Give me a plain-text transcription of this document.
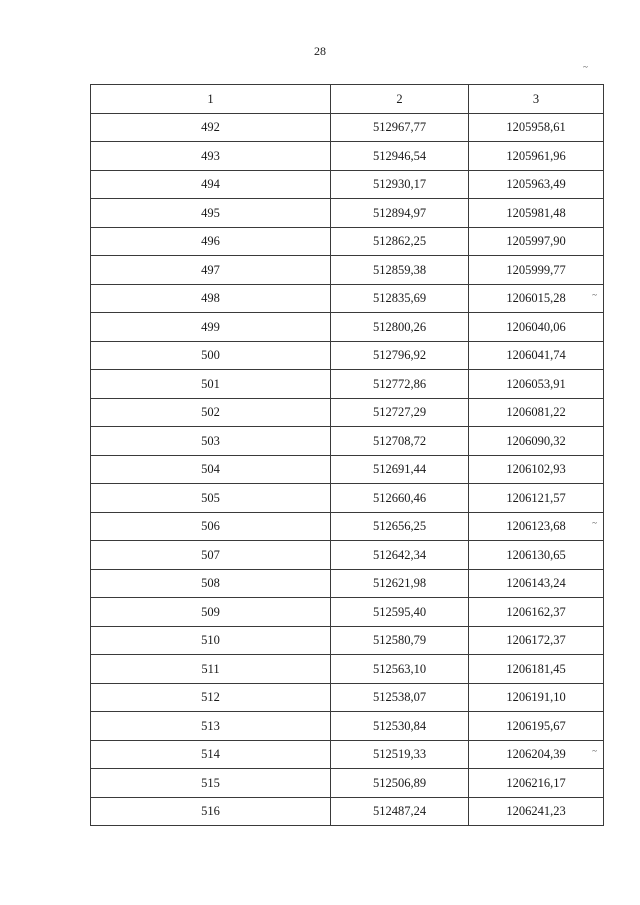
28
~
1	2	3
492	512967,77	1205958,61
493	512946,54	1205961,96
494	512930,17	1205963,49
495	512894,97	1205981,48
496	512862,25	1205997,90
497	512859,38	1205999,77
498	512835,69	1206015,28 ~

499	512800,26	1206040,06
500	512796,92	1206041,74
501	512772,86	1206053,91
502	512727,29	1206081,22
503	512708,72	1206090,32
504	512691,44	1206102,93
505	512660,46	1206121,57
506	512656,25	1206123,68 ~

507	512642,34	1206130,65
508	512621,98	1206143,24
509	512595,40	1206162,37
510	512580,79	1206172,37
511	512563,10	1206181,45
512	512538,07	1206191,10
513	512530,84	1206195,67
514	512519,33	1206204,39 ~

515	512506,89	1206216,17
516	512487,24	1206241,23
